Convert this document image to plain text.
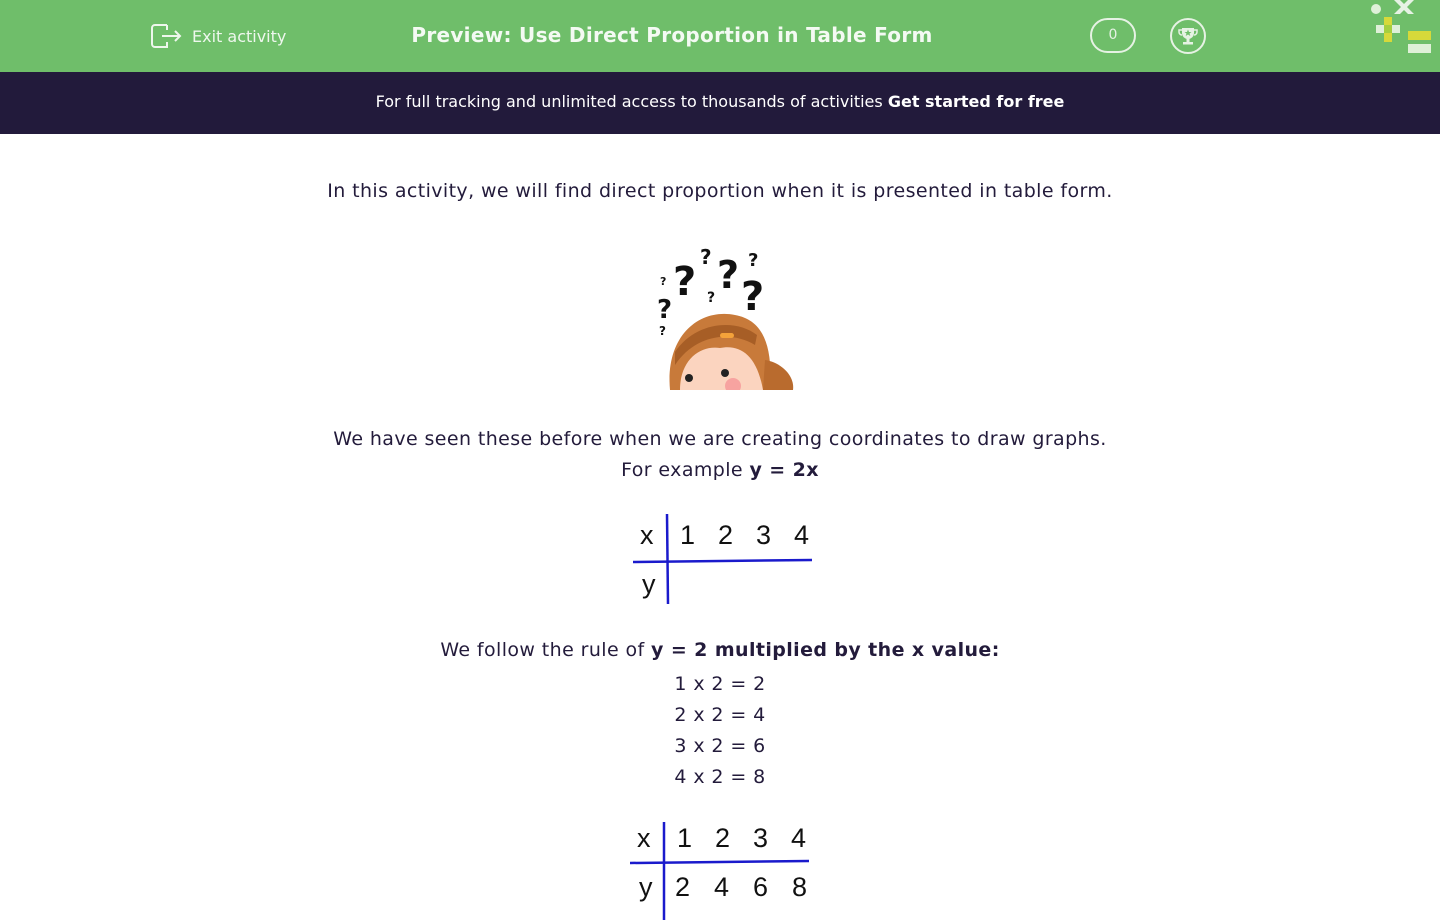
Exit activity	Preview: Use Direct Proportion in Table Form	0
For full tracking and unlimited access to thousands of activities Get started for free
In this activity, we will find direct proportion when it is presented in table form.
? ? ?
? ?
?
?
?
?
We have seen these before when we are creating coordinates to draw graphs.
For example y = 2x
x
y
1 2 3 4
We follow the rule of y = 2 multiplied by the x value:
1 x 2 = 2
2 x 2 = 4
3 x 2 = 6
4 x 2 = 8
x
y
1 2 3 4
2 4 6 8
